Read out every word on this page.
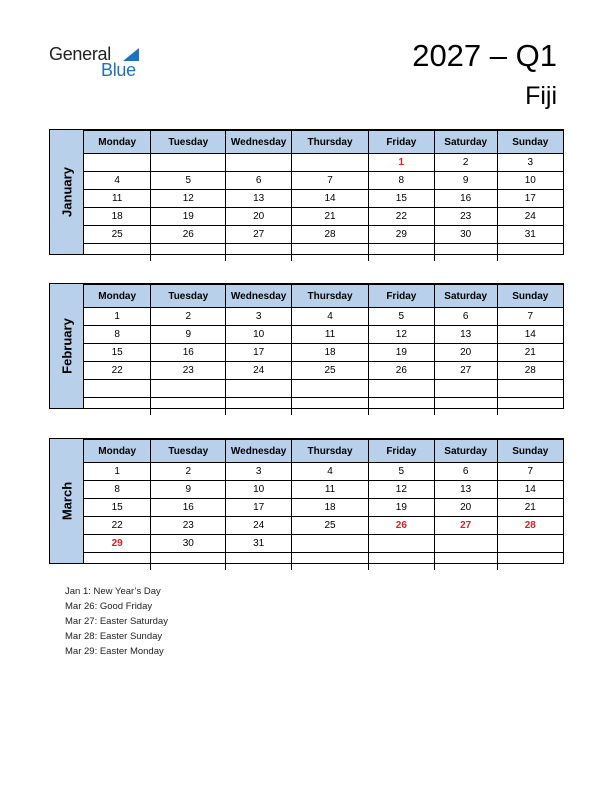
General
Blue	2027 – Q1
Fiji
January
Monday	Tuesday	Wednesday	Thursday	Friday	Saturday	Sunday
				1	2	3
4	5	6	7	8	9	10
11	12	13	14	15	16	17
18	19	20	21	22	23	24
25	26	27	28	29	30	31

February
Monday	Tuesday	Wednesday	Thursday	Friday	Saturday	Sunday
1	2	3	4	5	6	7
8	9	10	11	12	13	14
15	16	17	18	19	20	21
22	23	24	25	26	27	28

March
Monday	Tuesday	Wednesday	Thursday	Friday	Saturday	Sunday
1	2	3	4	5	6	7
8	9	10	11	12	13	14
15	16	17	18	19	20	21
22	23	24	25	26	27	28
29	30	31				

Jan 1: New Year’s Day
Mar 26: Good Friday
Mar 27: Easter Saturday
Mar 28: Easter Sunday
Mar 29: Easter Monday
